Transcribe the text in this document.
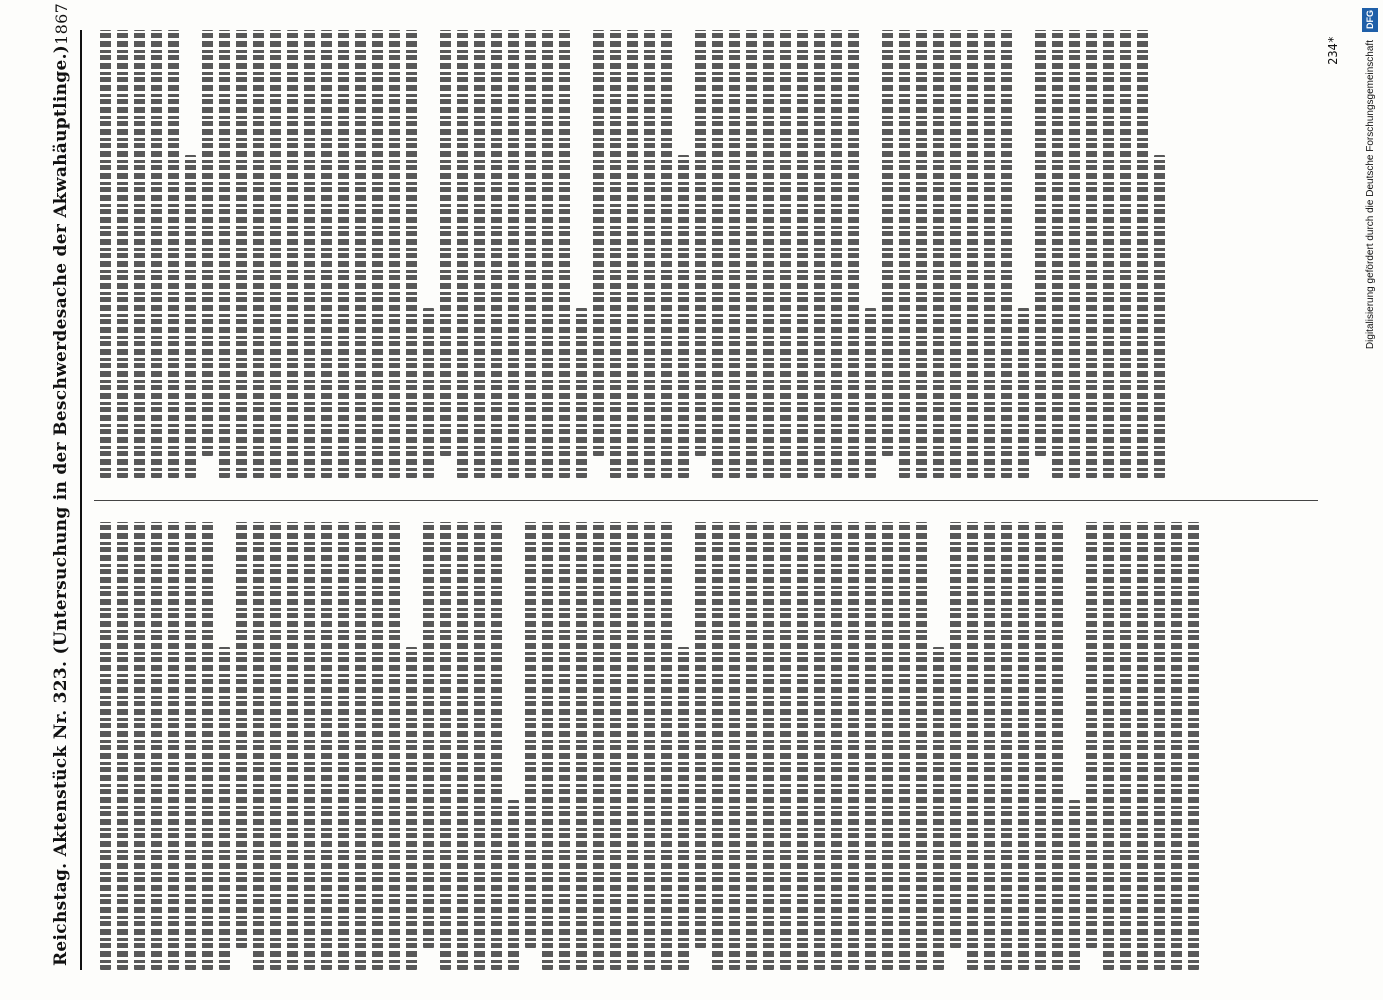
Reichstag. Aktenstück Nr. 323. (Untersuchung in der Beschwerdesache der Akwahäuptlinge.)
1867
234*
DFG
Digitalisierung gefördert durch die Deutsche Forschungsgemeinschaft
